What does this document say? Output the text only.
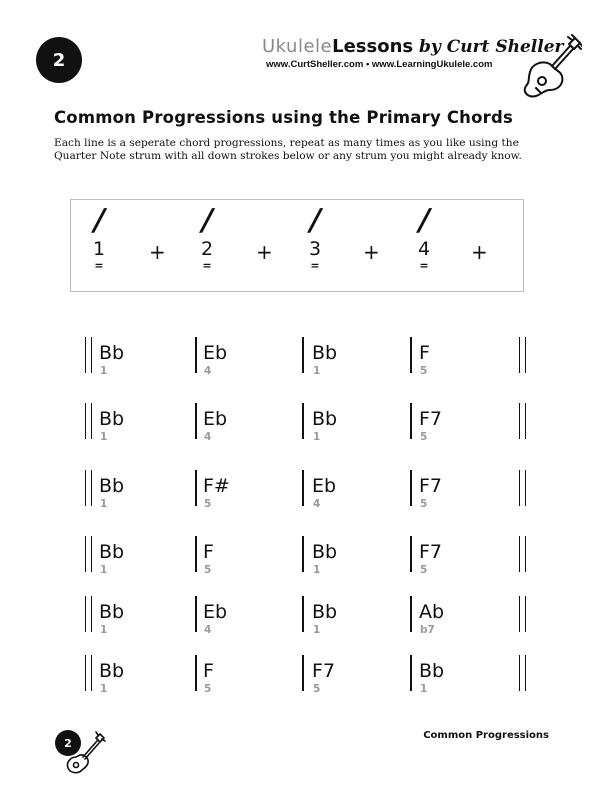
2
UkuleleLessons by Curt Sheller
www.CurtSheller.com • www.LearningUkulele.com
Common Progressions using the Primary Chords
Each line is a seperate chord progressions, repeat as many times as you like using the Quarter Note strum with all down strokes below or any strum you might already know.
/
1
=
+
/
2
=
+
/
3
=
+
/
4
=
+
Bb
1
Eb
4
Bb
1
F
5
Bb
1
Eb
4
Bb
1
F7
5
Bb
1
F#
5
Eb
4
F7
5
Bb
1
F
5
Bb
1
F7
5
Bb
1
Eb
4
Bb
1
Ab
b7
Bb
1
F
5
F7
5
Bb
1
2
Common Progressions
